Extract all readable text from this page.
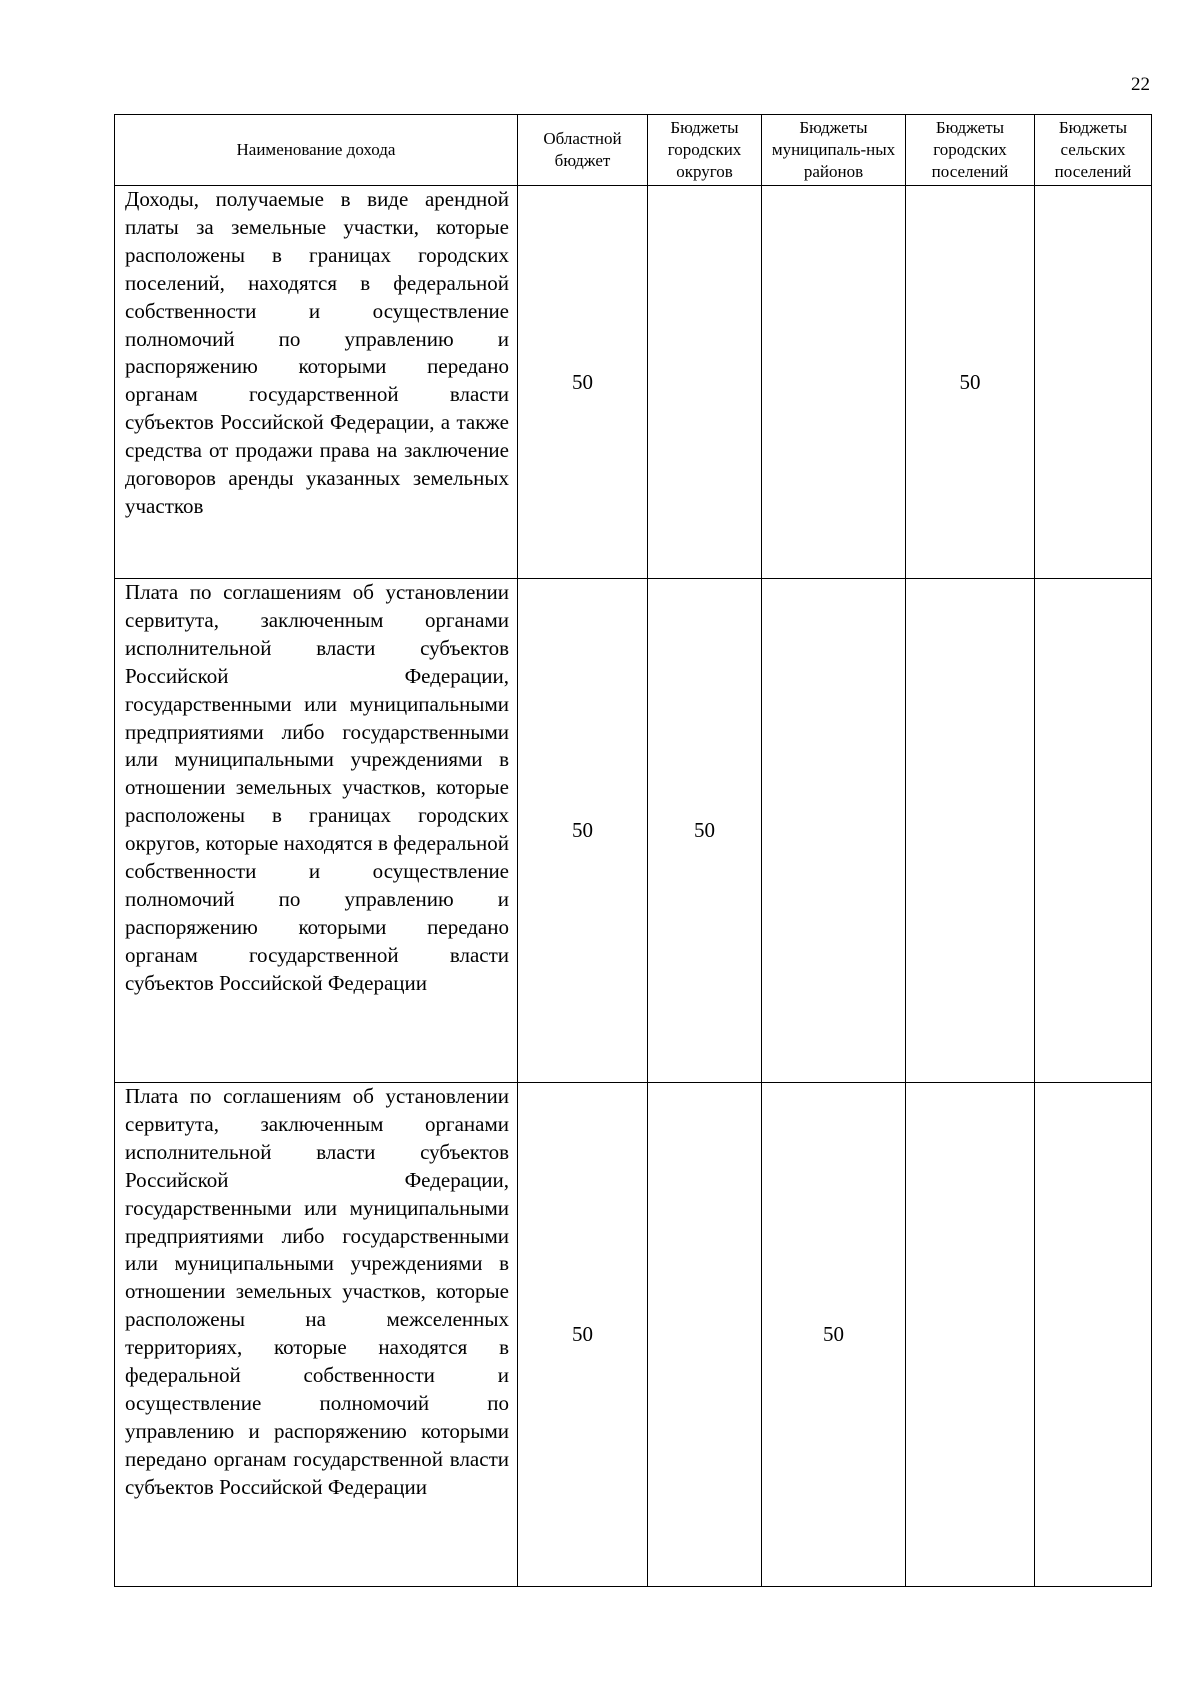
22
Наименование дохода	Областной бюджет	Бюджеты городских округов	Бюджеты муниципаль-ных районов	Бюджеты городских поселений	Бюджеты сельских поселений

Доходы, получаемые в виде арендной платы за земельные участки, которые расположены в границах городских поселений, находятся в федеральной собственности и осуществление полномочий по управлению и распоряжению которыми передано органам государственной власти субъектов Российской Федерации, а также средства от продажи права на заключение договоров аренды указанных земельных участков	50			50	

Плата по соглашениям об установлении сервитута, заключенным органами исполнительной власти субъектов Российской Федерации, государственными или муниципальными предприятиями либо государственными или муниципальными учреждениями в отношении земельных участков, которые расположены в границах городских округов, которые находятся в федеральной собственности и осуществление полномочий по управлению и распоряжению которыми передано органам государственной власти субъектов Российской Федерации	50	50			

Плата по соглашениям об установлении сервитута, заключенным органами исполнительной власти субъектов Российской Федерации, государственными или муниципальными предприятиями либо государственными или муниципальными учреждениями в отношении земельных участков, которые расположены на межселенных территориях, которые находятся в федеральной собственности и осуществление полномочий по управлению и распоряжению которыми передано органам государственной власти субъектов Российской Федерации	50		50		
